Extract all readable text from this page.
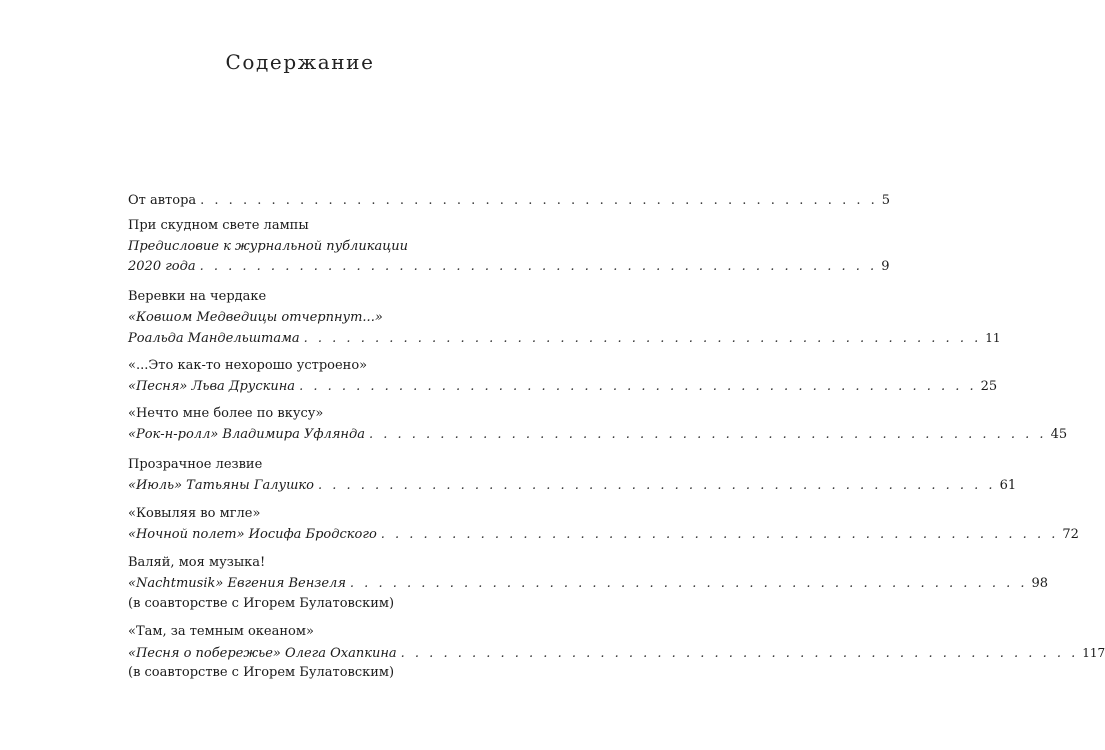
Содержание
От автора . . . . . . . . . . . . . . . . . . . . . . . . . . . . . . . . . . . . . . . . . . . . . . . . 5
При скудном свете лампы
Предисловие к журнальной публикации
2020 года . . . . . . . . . . . . . . . . . . . . . . . . . . . . . . . . . . . . . . . . . . . . . . . . 9
Веревки на чердаке
«Ковшом Медведицы отчерпнут...»
Роальда Мандельштама . . . . . . . . . . . . . . . . . . . . . . . . . . . . . . . . . . . . . . . . . . . . . . . . 11
«...Это как-то нехорошо устроено»
«Песня» Льва Друскина . . . . . . . . . . . . . . . . . . . . . . . . . . . . . . . . . . . . . . . . . . . . . . . . 25
«Нечто мне более по вкусу»
«Рок-н-ролл» Владимира Уфлянда . . . . . . . . . . . . . . . . . . . . . . . . . . . . . . . . . . . . . . . . . . . . . . . . 45
Прозрачное лезвие
«Июль» Татьяны Галушко . . . . . . . . . . . . . . . . . . . . . . . . . . . . . . . . . . . . . . . . . . . . . . . . 61
«Ковыляя во мгле»
«Ночной полет» Иосифа Бродского . . . . . . . . . . . . . . . . . . . . . . . . . . . . . . . . . . . . . . . . . . . . . . . . 72
Валяй, моя музыка!
«Nachtmusik» Евгения Вензеля . . . . . . . . . . . . . . . . . . . . . . . . . . . . . . . . . . . . . . . . . . . . . . . . 98
(в соавторстве с Игорем Булатовским)
«Там, за темным океаном»
«Песня о побережье» Олега Охапкина . . . . . . . . . . . . . . . . . . . . . . . . . . . . . . . . . . . . . . . . . . . . . . . . 117
(в соавторстве с Игорем Булатовским)
